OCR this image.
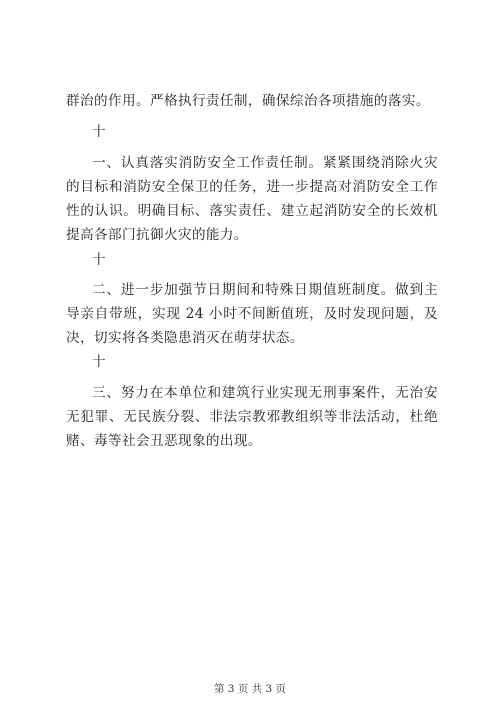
群治的作用。严格执行责任制，确保综治各项措施的落实。
十
一、认真落实消防安全工作责任制。紧紧围绕消除火灾
的目标和消防安全保卫的任务，进一步提高对消防安全工作
性的认识。明确目标、落实责任、建立起消防安全的长效机
提高各部门抗御火灾的能力。
十
二、进一步加强节日期间和特殊日期值班制度。做到主
导亲自带班，实现 24 小时不间断值班，及时发现问题，及
决，切实将各类隐患消灭在萌芽状态。
十
三、努力在本单位和建筑行业实现无刑事案件，无治安
无犯罪、无民族分裂、非法宗教邪教组织等非法活动，杜绝
赌、毒等社会丑恶现象的出现。
第 3 页 共 3 页
